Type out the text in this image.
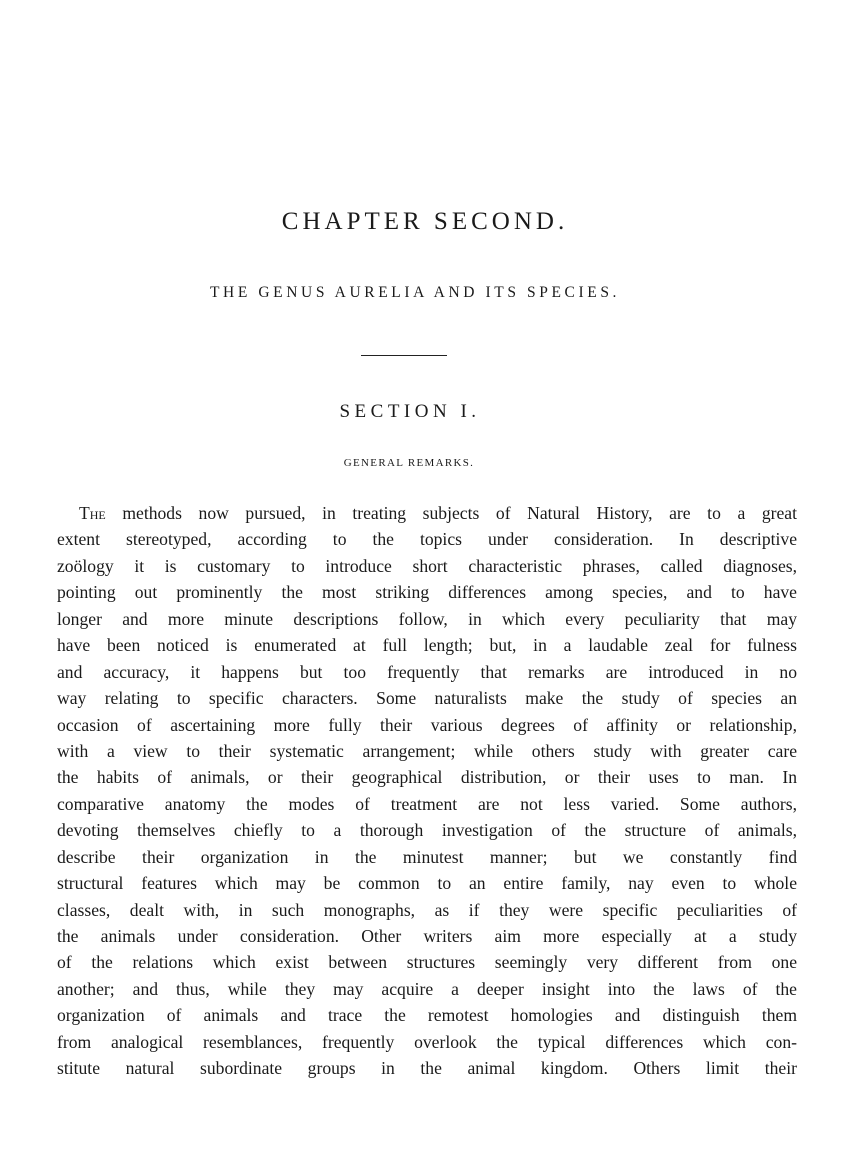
CHAPTER SECOND.
THE GENUS AURELIA AND ITS SPECIES.
SECTION I.
GENERAL REMARKS.
The methods now pursued, in treating subjects of Natural History, are to a great
extent stereotyped, according to the topics under consideration. In descriptive
zoölogy it is customary to introduce short characteristic phrases, called diagnoses,
pointing out prominently the most striking differences among species, and to have
longer and more minute descriptions follow, in which every peculiarity that may
have been noticed is enumerated at full length; but, in a laudable zeal for fulness
and accuracy, it happens but too frequently that remarks are introduced in no
way relating to specific characters. Some naturalists make the study of species an
occasion of ascertaining more fully their various degrees of affinity or relationship,
with a view to their systematic arrangement; while others study with greater care
the habits of animals, or their geographical distribution, or their uses to man. In
comparative anatomy the modes of treatment are not less varied. Some authors,
devoting themselves chiefly to a thorough investigation of the structure of animals,
describe their organization in the minutest manner; but we constantly find
structural features which may be common to an entire family, nay even to whole
classes, dealt with, in such monographs, as if they were specific peculiarities of
the animals under consideration. Other writers aim more especially at a study
of the relations which exist between structures seemingly very different from one
another; and thus, while they may acquire a deeper insight into the laws of the
organization of animals and trace the remotest homologies and distinguish them
from analogical resemblances, frequently overlook the typical differences which con-
stitute natural subordinate groups in the animal kingdom. Others limit their
